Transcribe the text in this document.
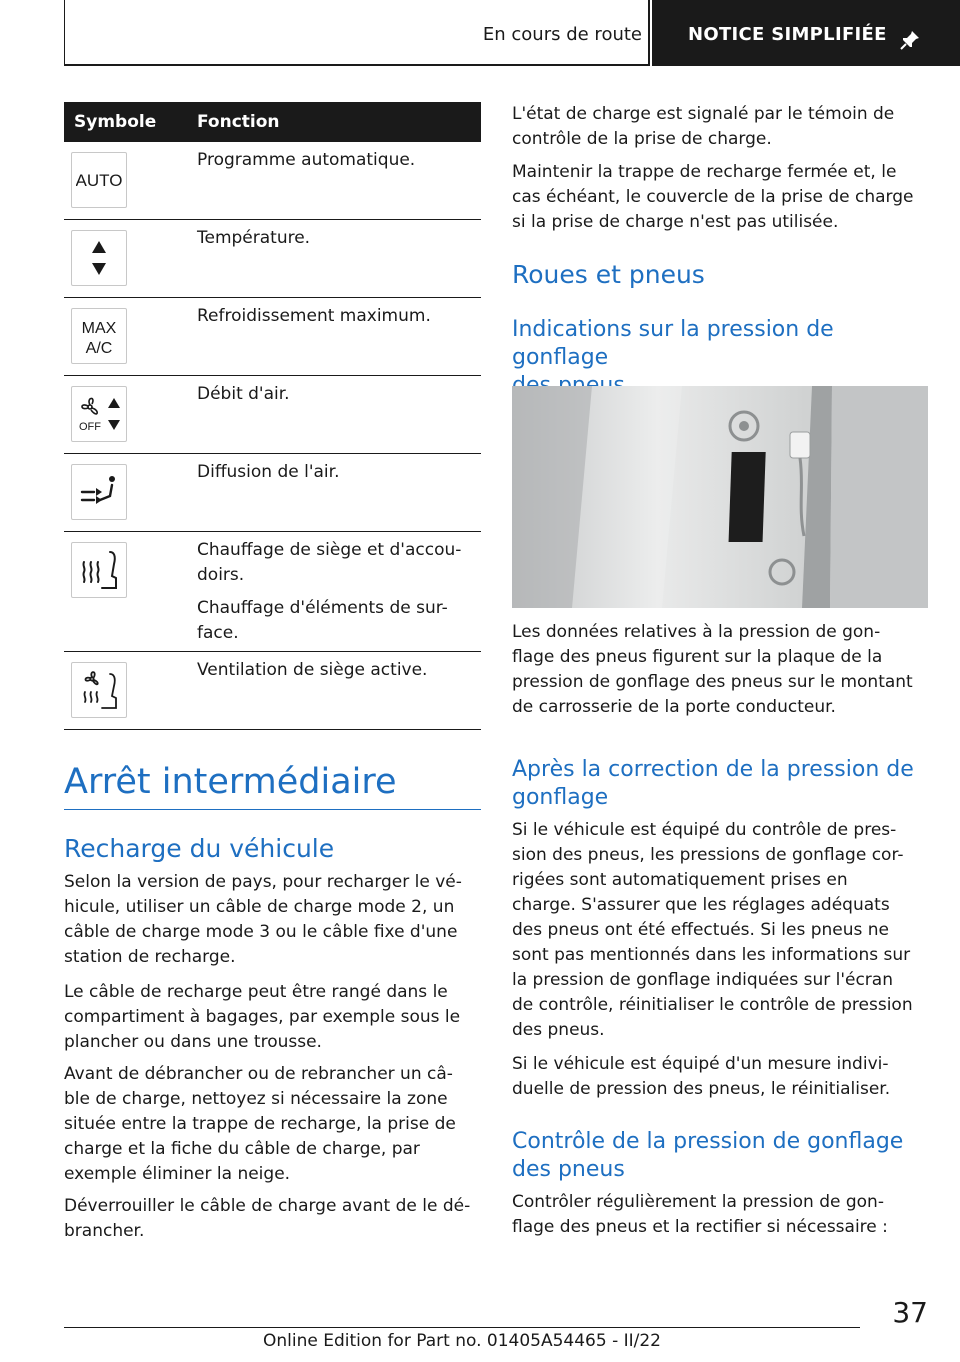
En cours de route	NOTICE SIMPLIFIÉE
Symbole Fonction
AUTO

Programme automatique.

Température.

MAX
A/C

Refroidissement maximum.

OFF

Débit d'air.

Diffusion de l'air.

Chauffage de siège et d'accou-doirs.

Chauffage d'éléments de sur-face.

Ventilation de siège active.

Arrêt intermédiaire
Recharge du véhicule
Selon la version de pays, pour recharger le vé-
hicule, utiliser un câble de charge mode 2, un
câble de charge mode 3 ou le câble fixe d'une
station de recharge.
Le câble de recharge peut être rangé dans le
compartiment à bagages, par exemple sous le
plancher ou dans une trousse.
Avant de débrancher ou de rebrancher un câ-
ble de charge, nettoyez si nécessaire la zone
située entre la trappe de recharge, la prise de
charge et la fiche du câble de charge, par
exemple éliminer la neige.
Déverrouiller le câble de charge avant de le dé-
brancher.
L'état de charge est signalé par le témoin de
contrôle de la prise de charge.
Maintenir la trappe de recharge fermée et, le
cas échéant, le couvercle de la prise de charge
si la prise de charge n'est pas utilisée.
Roues et pneus
Indications sur la pression de gonflage
Les données relatives à la pression de gon-
flage des pneus figurent sur la plaque de la
pression de gonflage des pneus sur le montant
de carrosserie de la porte conducteur.
Après la correction de la pression de
gonflage
Si le véhicule est équipé du contrôle de pres-
sion des pneus, les pressions de gonflage cor-
rigées sont automatiquement prises en
charge. S'assurer que les réglages adéquats
des pneus ont été effectués. Si les pneus ne
sont pas mentionnés dans les informations sur
la pression de gonflage indiquées sur l'écran
de contrôle, réinitialiser le contrôle de pression
des pneus.
Si le véhicule est équipé d'un mesure indivi-
duelle de pression des pneus, le réinitialiser.
Contrôle de la pression de gonflage
des pneus
Contrôler régulièrement la pression de gon-
flage des pneus et la rectifier si nécessaire :
37
Online Edition for Part no. 01405A54465 - II/22
